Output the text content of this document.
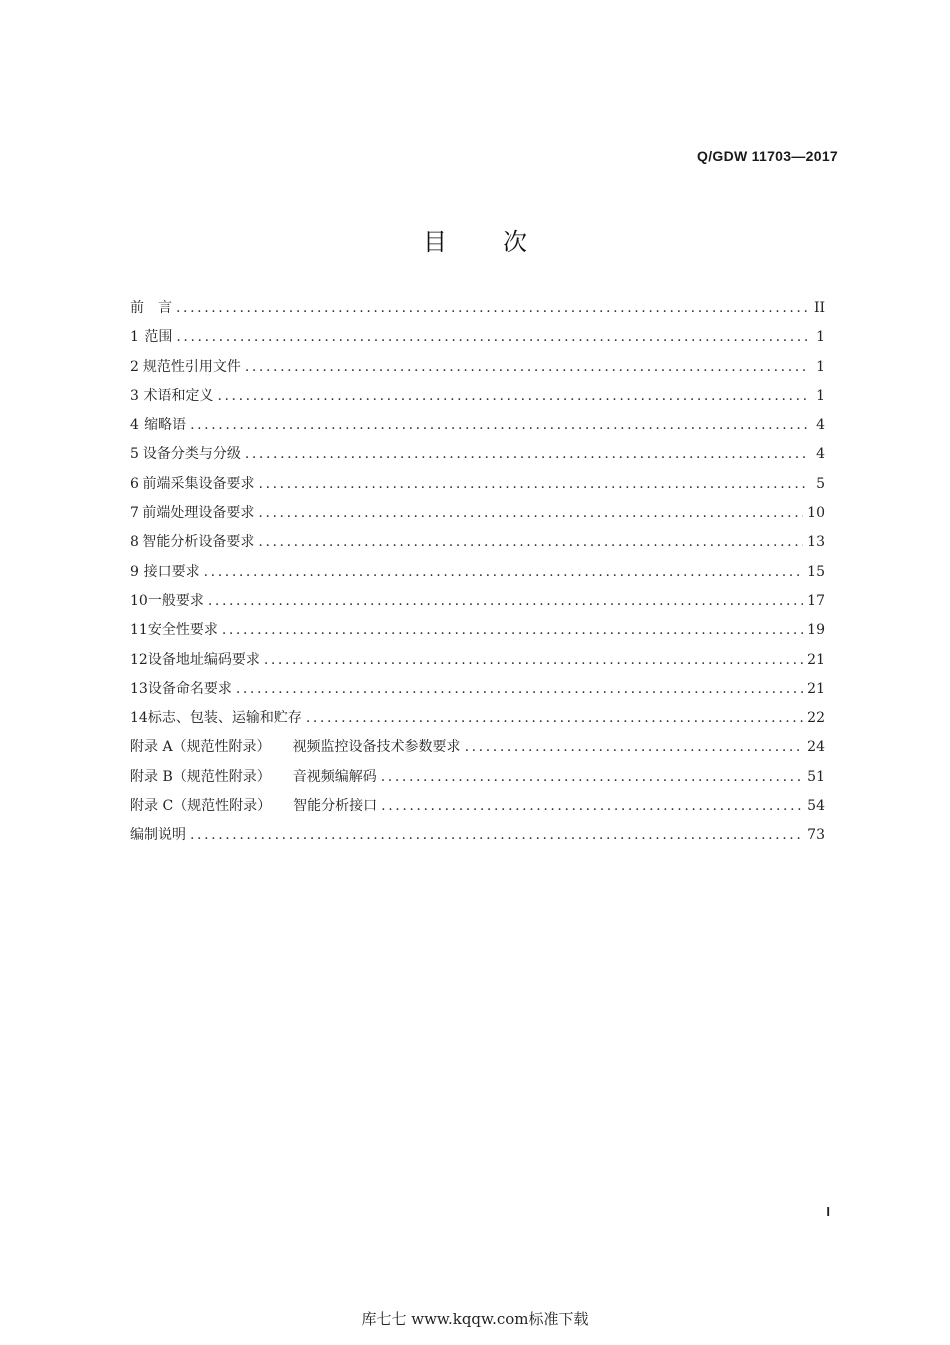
Q/GDW 11703—2017
目 次
前　言 .....	II
1 范围 .....	1
2 规范性引用文件 .....	1
3 术语和定义 .....	1
4 缩略语 .....	4
5 设备分类与分级 .....	4
6 前端采集设备要求 .....	5
7 前端处理设备要求 .....	10
8 智能分析设备要求 .....	13
9 接口要求 .....	15
10 一般要求 .....	17
11 安全性要求 .....	19
12 设备地址编码要求 .....	21
13 设备命名要求 .....	21
14 标志、包装、运输和贮存 .....	22
附录 A（规范性附录） 视频监控设备技术参数要求 .....	24
附录 B（规范性附录） 音视频编解码 .....	51
附录 C（规范性附录） 智能分析接口 .....	54
编制说明 .....	73
I
库七七 www.kqqw.com标准下载
